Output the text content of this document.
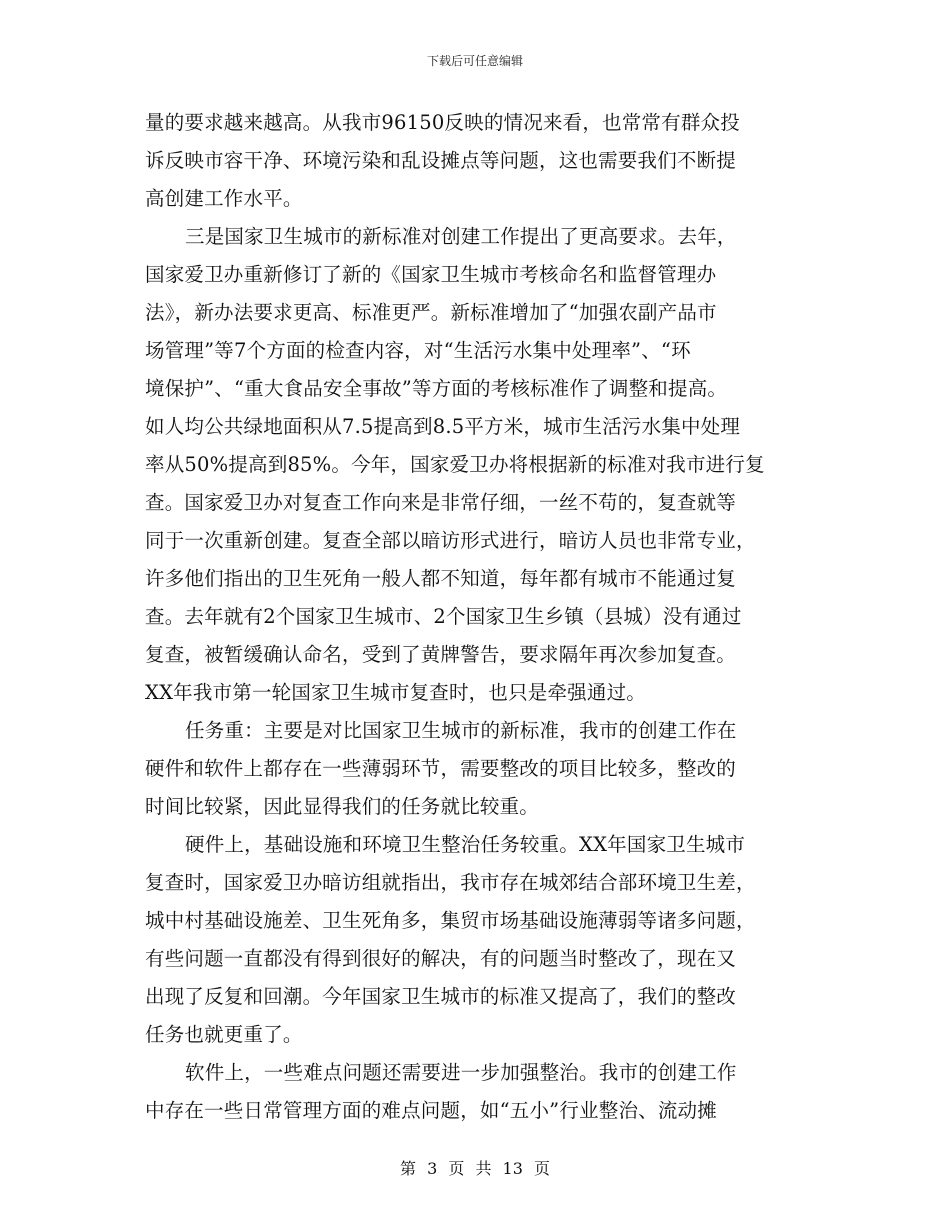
下载后可任意编辑
量的要求越来越高。从我市96150反映的情况来看，也常常有群众投
诉反映市容干净、环境污染和乱设摊点等问题，这也需要我们不断提
高创建工作水平。
三是国家卫生城市的新标准对创建工作提出了更高要求。去年，
国家爱卫办重新修订了新的《国家卫生城市考核命名和监督管理办
法》，新办法要求更高、标准更严。新标准增加了“加强农副产品市
场管理”等7个方面的检查内容，对“生活污水集中处理率”、“环
境保护”、“重大食品安全事故”等方面的考核标准作了调整和提高。
如人均公共绿地面积从7.5提高到8.5平方米，城市生活污水集中处理
率从50%提高到85%。今年，国家爱卫办将根据新的标准对我市进行复
查。国家爱卫办对复查工作向来是非常仔细，一丝不苟的，复查就等
同于一次重新创建。复查全部以暗访形式进行，暗访人员也非常专业，
许多他们指出的卫生死角一般人都不知道，每年都有城市不能通过复
查。去年就有2个国家卫生城市、2个国家卫生乡镇（县城）没有通过
复查，被暂缓确认命名，受到了黄牌警告，要求隔年再次参加复查。
XX年我市第一轮国家卫生城市复查时，也只是牵强通过。
任务重：主要是对比国家卫生城市的新标准，我市的创建工作在
硬件和软件上都存在一些薄弱环节，需要整改的项目比较多，整改的
时间比较紧，因此显得我们的任务就比较重。
硬件上，基础设施和环境卫生整治任务较重。XX年国家卫生城市
复查时，国家爱卫办暗访组就指出，我市存在城郊结合部环境卫生差，
城中村基础设施差、卫生死角多，集贸市场基础设施薄弱等诸多问题，
有些问题一直都没有得到很好的解决，有的问题当时整改了，现在又
出现了反复和回潮。今年国家卫生城市的标准又提高了，我们的整改
任务也就更重了。
软件上，一些难点问题还需要进一步加强整治。我市的创建工作
中存在一些日常管理方面的难点问题，如“五小”行业整治、流动摊
第 3 页 共 13 页
